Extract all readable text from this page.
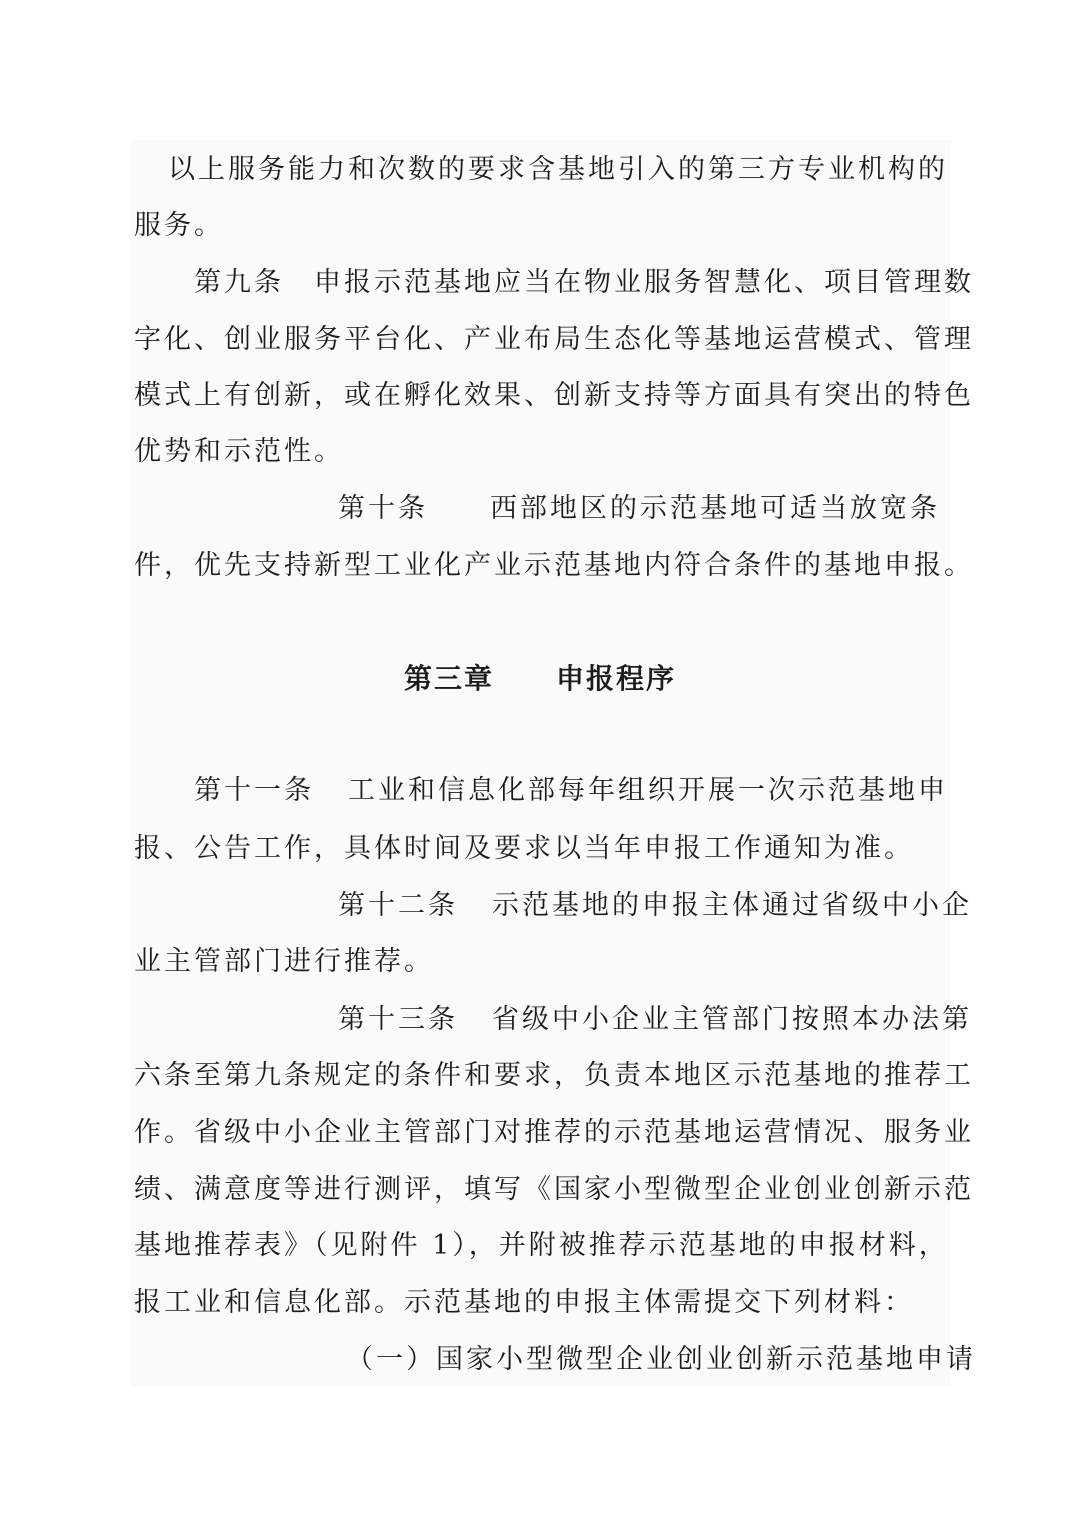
以上服务能力和次数的要求含基地引入的第三方专业机构的
服务。
第九条　申报示范基地应当在物业服务智慧化、项目管理数
字化、创业服务平台化、产业布局生态化等基地运营模式、管理
模式上有创新，或在孵化效果、创新支持等方面具有突出的特色
优势和示范性。
第十条 西部地区的示范基地可适当放宽条
件，优先支持新型工业化产业示范基地内符合条件的基地申报。
第三章 申报程序
第十一条 工业和信息化部每年组织开展一次示范基地申
报、公告工作，具体时间及要求以当年申报工作通知为准。
第十二条 示范基地的申报主体通过省级中小企
业主管部门进行推荐。
第十三条 省级中小企业主管部门按照本办法第
六条至第九条规定的条件和要求，负责本地区示范基地的推荐工
作。省级中小企业主管部门对推荐的示范基地运营情况、服务业
绩、满意度等进行测评，填写《国家小型微型企业创业创新示范
基地推荐表》（见附件 1），并附被推荐示范基地的申报材料，
报工业和信息化部。示范基地的申报主体需提交下列材料：
（一）国家小型微型企业创业创新示范基地申请
